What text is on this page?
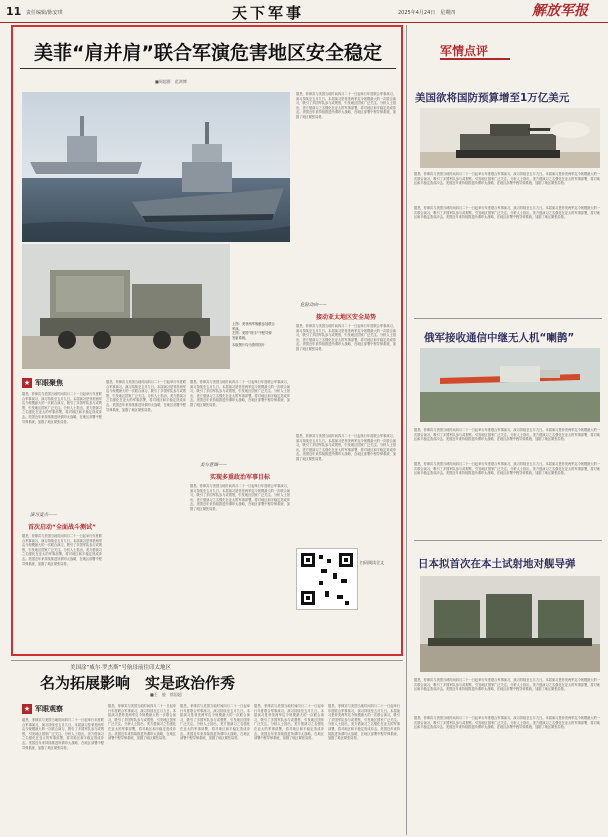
11 责任编辑/陈安琪	天下军事	2025年4月24日　星期四	解放军报
美菲“肩并肩”联合军演危害地区安全稳定
■周超群　范鸿博
上图：美菲两军舰艇参加联合
军演。
左图：美国“堤丰”中程导弹
发射系统。
本版图片均为资料图片
据悉，菲律宾与美国当地时间四月二十一日起举行年度联合军事演习，演习持续至五月九日。本届演习是菲美两军迄今规模最大的一次联合演习，吸引了多国军队参与或观察，引发地区国家广泛关注。分析人士指出，美方借演习之名强化在亚太的军事部署，将对地区和平稳定造成冲击。美国近年来持续推进所谓印太战略，在地区部署中程导弹系统，加剧了地区紧张局势。
危险动向——
接动亚太地区安全局势
据悉，菲律宾与美国当地时间四月二十一日起举行年度联合军事演习，演习持续至五月九日。本届演习是菲美两军迄今规模最大的一次联合演习，吸引了多国军队参与或观察，引发地区国家广泛关注。分析人士指出，美方借演习之名强化在亚太的军事部署，将对地区和平稳定造成冲击。美国近年来持续推进所谓印太战略，在地区部署中程导弹系统，加剧了地区紧张局势。
据悉，菲律宾与美国当地时间四月二十一日起举行年度联合军事演习，演习持续至五月九日。本届演习是菲美两军迄今规模最大的一次联合演习，吸引了多国军队参与或观察，引发地区国家广泛关注。分析人士指出，美方借演习之名强化在亚太的军事部署，将对地区和平稳定造成冲击。美国近年来持续推进所谓印太战略，在地区部署中程导弹系统，加剧了地区紧张局势。
★ 军眼聚焦
据悉，菲律宾与美国当地时间四月二十一日起举行年度联合军事演习，演习持续至五月九日。本届演习是菲美两军迄今规模最大的一次联合演习，吸引了多国军队参与或观察，引发地区国家广泛关注。分析人士指出，美方借演习之名强化在亚太的军事部署，将对地区和平稳定造成冲击。美国近年来持续推进所谓印太战略，在地区部署中程导弹系统，加剧了地区紧张局势。
演习变点——
首次启动“全面战斗测试”
据悉，菲律宾与美国当地时间四月二十一日起举行年度联合军事演习，演习持续至五月九日。本届演习是菲美两军迄今规模最大的一次联合演习，吸引了多国军队参与或观察，引发地区国家广泛关注。分析人士指出，美方借演习之名强化在亚太的军事部署，将对地区和平稳定造成冲击。美国近年来持续推进所谓印太战略，在地区部署中程导弹系统，加剧了地区紧张局势。
据悉，菲律宾与美国当地时间四月二十一日起举行年度联合军事演习，演习持续至五月九日。本届演习是菲美两军迄今规模最大的一次联合演习，吸引了多国军队参与或观察，引发地区国家广泛关注。分析人士指出，美方借演习之名强化在亚太的军事部署，将对地区和平稳定造成冲击。美国近年来持续推进所谓印太战略，在地区部署中程导弹系统，加剧了地区紧张局势。
据悉，菲律宾与美国当地时间四月二十一日起举行年度联合军事演习，演习持续至五月九日。本届演习是菲美两军迄今规模最大的一次联合演习，吸引了多国军队参与或观察，引发地区国家广泛关注。分析人士指出，美方借演习之名强化在亚太的军事部署，将对地区和平稳定造成冲击。美国近年来持续推进所谓印太战略，在地区部署中程导弹系统，加剧了地区紧张局势。
美方意图——
实现多重政治军事目标
据悉，菲律宾与美国当地时间四月二十一日起举行年度联合军事演习，演习持续至五月九日。本届演习是菲美两军迄今规模最大的一次联合演习，吸引了多国军队参与或观察，引发地区国家广泛关注。分析人士指出，美方借演习之名强化在亚太的军事部署，将对地区和平稳定造成冲击。美国近年来持续推进所谓印太战略，在地区部署中程导弹系统，加剧了地区紧张局势。
扫码阅读全文
军情点评
美国欲将国防预算增至1万亿美元
据悉，菲律宾与美国当地时间四月二十一日起举行年度联合军事演习，演习持续至五月九日。本届演习是菲美两军迄今规模最大的一次联合演习，吸引了多国军队参与或观察，引发地区国家广泛关注。分析人士指出，美方借演习之名强化在亚太的军事部署，将对地区和平稳定造成冲击。美国近年来持续推进所谓印太战略，在地区部署中程导弹系统，加剧了地区紧张局势。
据悉，菲律宾与美国当地时间四月二十一日起举行年度联合军事演习，演习持续至五月九日。本届演习是菲美两军迄今规模最大的一次联合演习，吸引了多国军队参与或观察，引发地区国家广泛关注。分析人士指出，美方借演习之名强化在亚太的军事部署，将对地区和平稳定造成冲击。美国近年来持续推进所谓印太战略，在地区部署中程导弹系统，加剧了地区紧张局势。
俄军接收通信中继无人机“喇鹊”
据悉，菲律宾与美国当地时间四月二十一日起举行年度联合军事演习，演习持续至五月九日。本届演习是菲美两军迄今规模最大的一次联合演习，吸引了多国军队参与或观察，引发地区国家广泛关注。分析人士指出，美方借演习之名强化在亚太的军事部署，将对地区和平稳定造成冲击。美国近年来持续推进所谓印太战略，在地区部署中程导弹系统，加剧了地区紧张局势。
据悉，菲律宾与美国当地时间四月二十一日起举行年度联合军事演习，演习持续至五月九日。本届演习是菲美两军迄今规模最大的一次联合演习，吸引了多国军队参与或观察，引发地区国家广泛关注。分析人士指出，美方借演习之名强化在亚太的军事部署，将对地区和平稳定造成冲击。美国近年来持续推进所谓印太战略，在地区部署中程导弹系统，加剧了地区紧张局势。
日本拟首次在本土试射地对舰导弹
据悉，菲律宾与美国当地时间四月二十一日起举行年度联合军事演习，演习持续至五月九日。本届演习是菲美两军迄今规模最大的一次联合演习，吸引了多国军队参与或观察，引发地区国家广泛关注。分析人士指出，美方借演习之名强化在亚太的军事部署，将对地区和平稳定造成冲击。美国近年来持续推进所谓印太战略，在地区部署中程导弹系统，加剧了地区紧张局势。
据悉，菲律宾与美国当地时间四月二十一日起举行年度联合军事演习，演习持续至五月九日。本届演习是菲美两军迄今规模最大的一次联合演习，吸引了多国军队参与或观察，引发地区国家广泛关注。分析人士指出，美方借演习之名强化在亚太的军事部署，将对地区和平稳定造成冲击。美国近年来持续推进所谓印太战略，在地区部署中程导弹系统，加剧了地区紧张局势。
美国涂“威尔·罗杰斯”号航母前往印太地区
名为拓展影响　实是政治作秀
■王　骏　徐国超
★ 军眼观察
据悉，菲律宾与美国当地时间四月二十一日起举行年度联合军事演习，演习持续至五月九日。本届演习是菲美两军迄今规模最大的一次联合演习，吸引了多国军队参与或观察，引发地区国家广泛关注。分析人士指出，美方借演习之名强化在亚太的军事部署，将对地区和平稳定造成冲击。美国近年来持续推进所谓印太战略，在地区部署中程导弹系统，加剧了地区紧张局势。
据悉，菲律宾与美国当地时间四月二十一日起举行年度联合军事演习，演习持续至五月九日。本届演习是菲美两军迄今规模最大的一次联合演习，吸引了多国军队参与或观察，引发地区国家广泛关注。分析人士指出，美方借演习之名强化在亚太的军事部署，将对地区和平稳定造成冲击。美国近年来持续推进所谓印太战略，在地区部署中程导弹系统，加剧了地区紧张局势。
据悉，菲律宾与美国当地时间四月二十一日起举行年度联合军事演习，演习持续至五月九日。本届演习是菲美两军迄今规模最大的一次联合演习，吸引了多国军队参与或观察，引发地区国家广泛关注。分析人士指出，美方借演习之名强化在亚太的军事部署，将对地区和平稳定造成冲击。美国近年来持续推进所谓印太战略，在地区部署中程导弹系统，加剧了地区紧张局势。
据悉，菲律宾与美国当地时间四月二十一日起举行年度联合军事演习，演习持续至五月九日。本届演习是菲美两军迄今规模最大的一次联合演习，吸引了多国军队参与或观察，引发地区国家广泛关注。分析人士指出，美方借演习之名强化在亚太的军事部署，将对地区和平稳定造成冲击。美国近年来持续推进所谓印太战略，在地区部署中程导弹系统，加剧了地区紧张局势。
据悉，菲律宾与美国当地时间四月二十一日起举行年度联合军事演习，演习持续至五月九日。本届演习是菲美两军迄今规模最大的一次联合演习，吸引了多国军队参与或观察，引发地区国家广泛关注。分析人士指出，美方借演习之名强化在亚太的军事部署，将对地区和平稳定造成冲击。美国近年来持续推进所谓印太战略，在地区部署中程导弹系统，加剧了地区紧张局势。
